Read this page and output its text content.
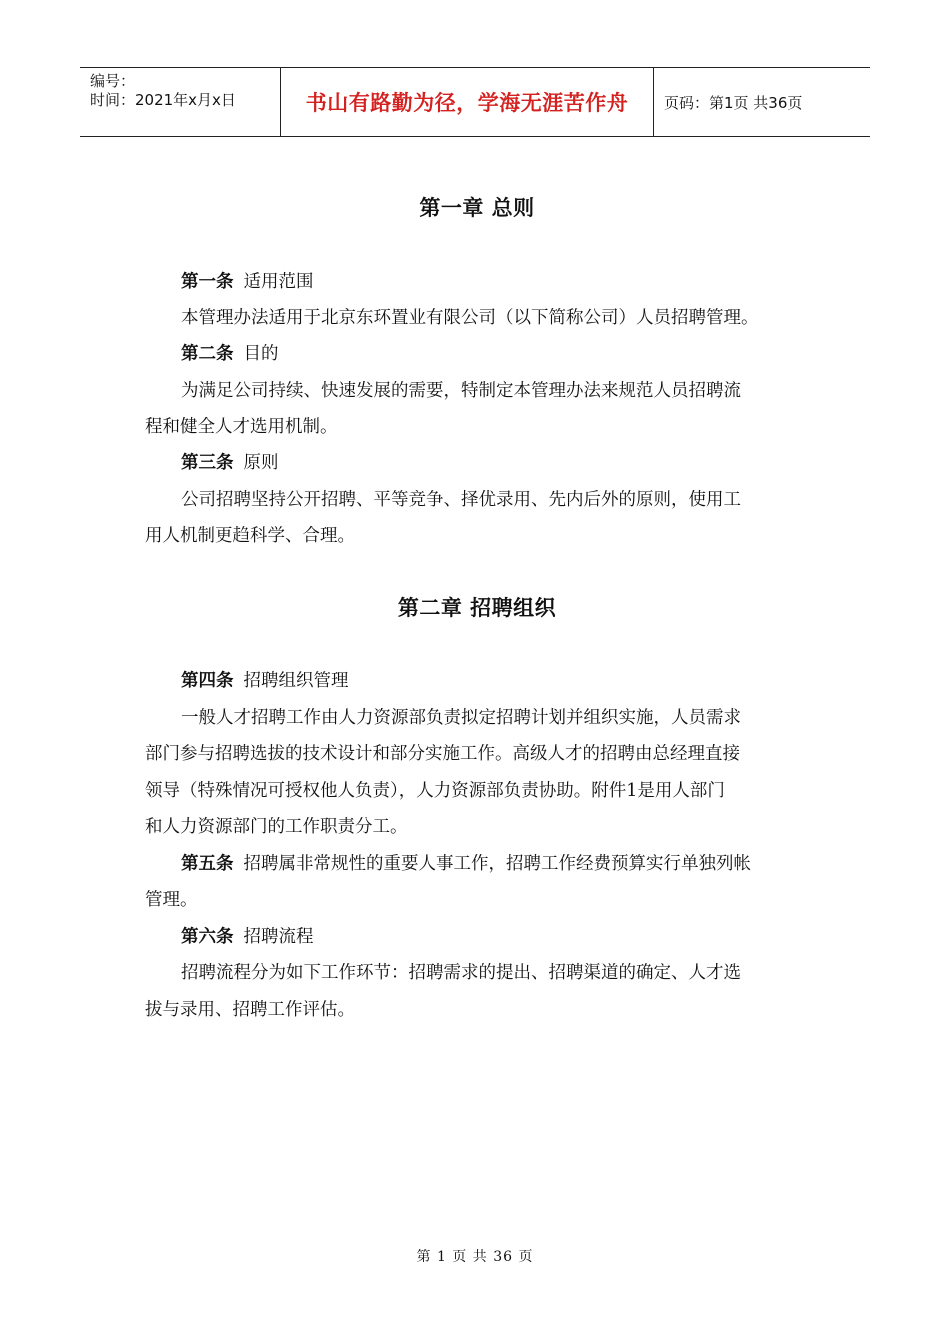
编号：
时间：2021年x月x日	书山有路勤为径，学海无涯苦作舟	页码：第1页 共36页
第一章 总则
第一条 适用范围
本管理办法适用于北京东环置业有限公司（以下简称公司）人员招聘管理。
第二条 目的
为满足公司持续、快速发展的需要，特制定本管理办法来规范人员招聘流
程和健全人才选用机制。
第三条 原则
公司招聘坚持公开招聘、平等竞争、择优录用、先内后外的原则，使用工
用人机制更趋科学、合理。
第二章 招聘组织
第四条 招聘组织管理
一般人才招聘工作由人力资源部负责拟定招聘计划并组织实施，人员需求
部门参与招聘选拔的技术设计和部分实施工作。高级人才的招聘由总经理直接
领导（特殊情况可授权他人负责），人力资源部负责协助。附件1是用人部门
和人力资源部门的工作职责分工。
第五条 招聘属非常规性的重要人事工作，招聘工作经费预算实行单独列帐
管理。
第六条 招聘流程
招聘流程分为如下工作环节：招聘需求的提出、招聘渠道的确定、人才选
拔与录用、招聘工作评估。
第 1 页 共 36 页
